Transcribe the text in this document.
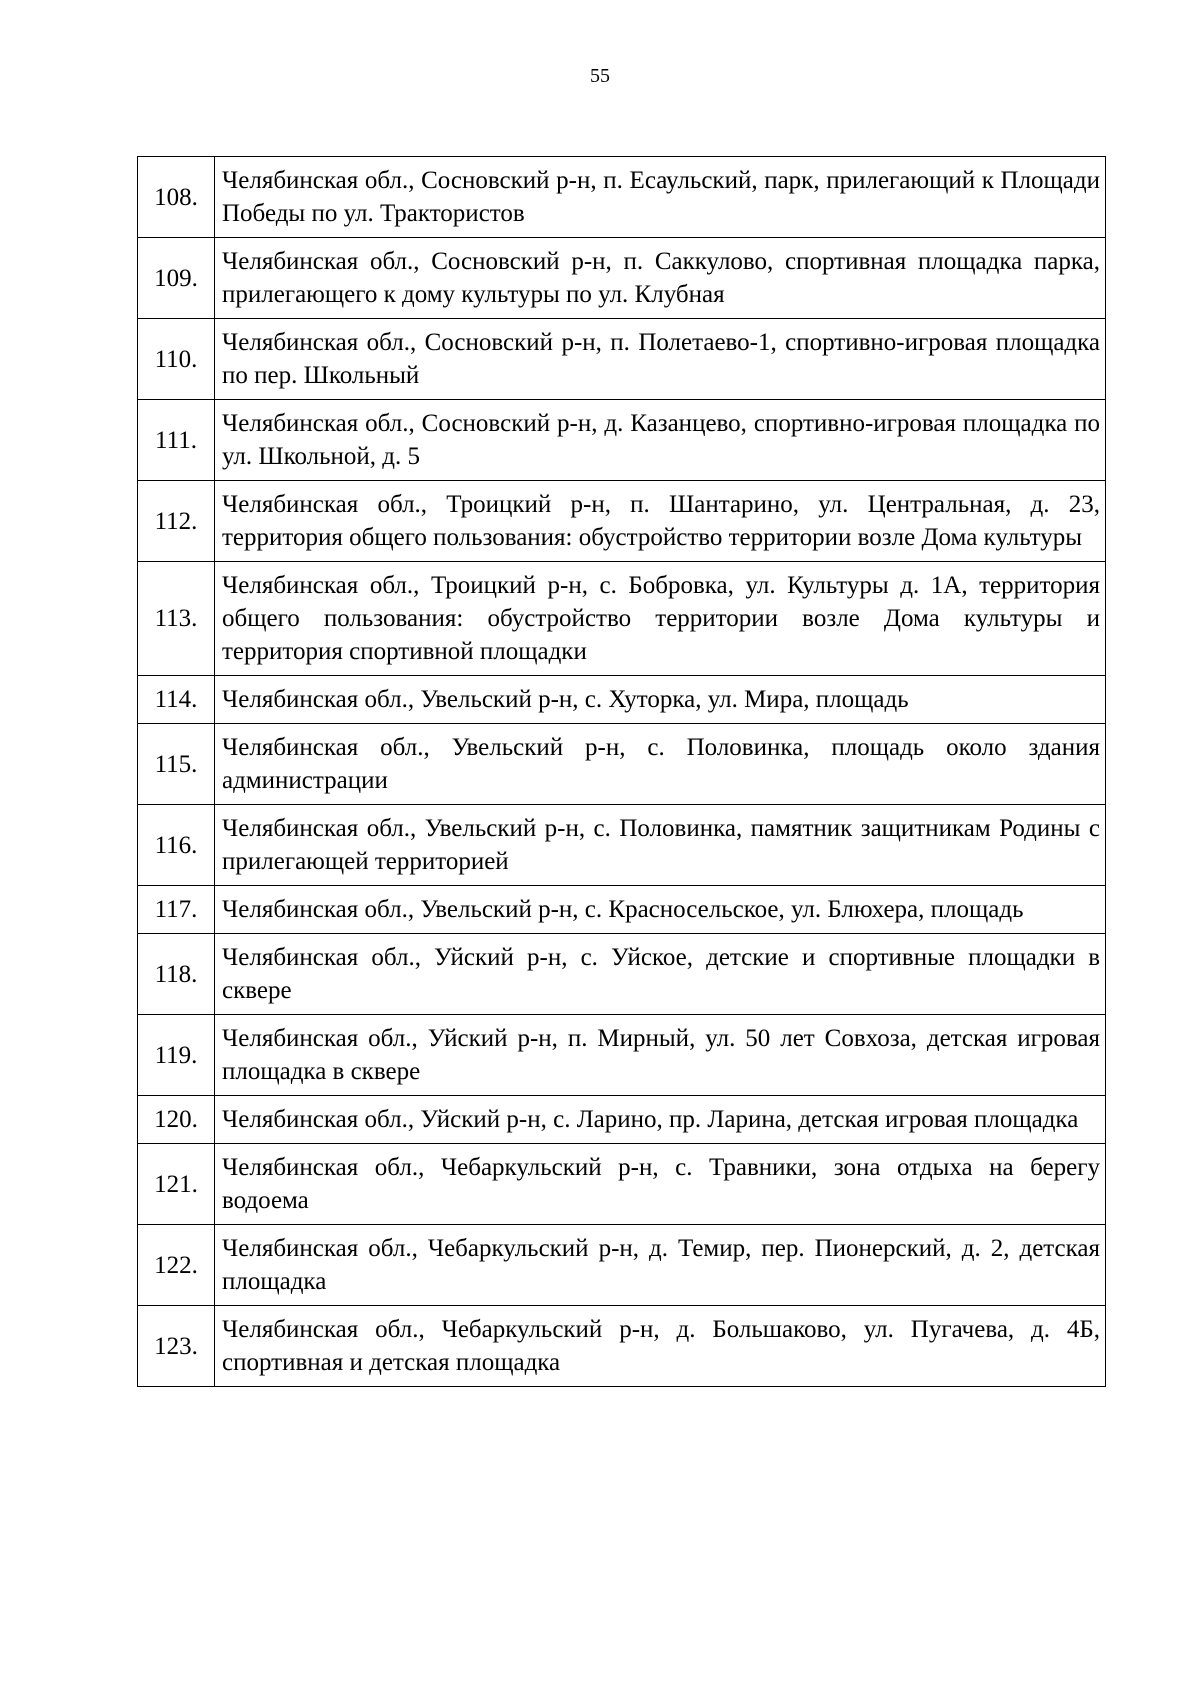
55
108.	Челябинская обл., Сосновский р-н, п. Есаульский, парк, прилегающий к Площади Победы по ул. Трактористов
109.	Челябинская обл., Сосновский р-н, п. Саккулово, спортивная площадка парка, прилегающего к дому культуры по ул. Клубная
110.	Челябинская обл., Сосновский р-н, п. Полетаево-1, спортивно-игровая площадка по пер. Школьный
111.	Челябинская обл., Сосновский р-н, д. Казанцево, спортивно-игровая площадка по ул. Школьной, д. 5
112.	Челябинская обл., Троицкий р-н, п. Шантарино, ул. Центральная, д. 23, территория общего пользования: обустройство территории возле Дома культуры
113.	Челябинская обл., Троицкий р-н, с. Бобровка, ул. Культуры д. 1А, территория общего пользования: обустройство территории возле Дома культуры и территория спортивной площадки
114.	Челябинская обл., Увельский р-н, с. Хуторка, ул. Мира, площадь
115.	Челябинская обл., Увельский р-н, с. Половинка, площадь около здания администрации
116.	Челябинская обл., Увельский р-н, с. Половинка, памятник защитникам Родины с прилегающей территорией
117.	Челябинская обл., Увельский р-н, с. Красносельское, ул. Блюхера, площадь
118.	Челябинская обл., Уйский р-н, с. Уйское, детские и спортивные площадки в сквере
119.	Челябинская обл., Уйский р-н, п. Мирный, ул. 50 лет Совхоза, детская игровая площадка в сквере
120.	Челябинская обл., Уйский р-н, с. Ларино, пр. Ларина, детская игровая площадка
121.	Челябинская обл., Чебаркульский р-н, с. Травники, зона отдыха на берегу водоема
122.	Челябинская обл., Чебаркульский р-н, д. Темир, пер. Пионерский, д. 2, детская площадка
123.	Челябинская обл., Чебаркульский р-н, д. Большаково, ул. Пугачева, д. 4Б, спортивная и детская площадка
